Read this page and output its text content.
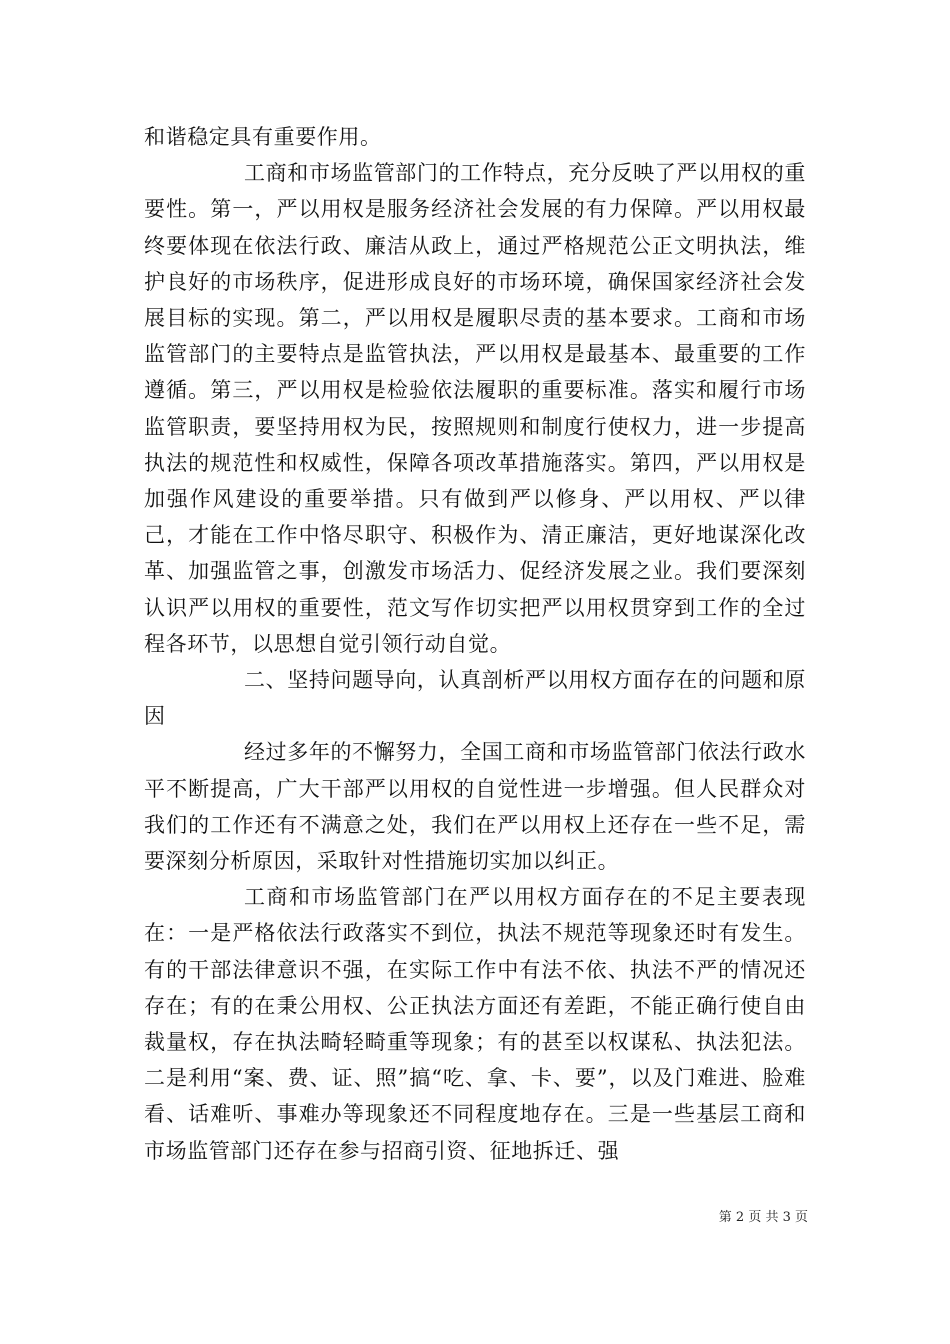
和谐稳定具有重要作用。

工商和市场监管部门的工作特点，充分反映了严以用权的重要性。第一，严以用权是服务经济社会发展的有力保障。严以用权最终要体现在依法行政、廉洁从政上，通过严格规范公正文明执法，维护良好的市场秩序，促进形成良好的市场环境，确保国家经济社会发展目标的实现。第二，严以用权是履职尽责的基本要求。工商和市场监管部门的主要特点是监管执法，严以用权是最基本、最重要的工作遵循。第三，严以用权是检验依法履职的重要标准。落实和履行市场监管职责，要坚持用权为民，按照规则和制度行使权力，进一步提高执法的规范性和权威性，保障各项改革措施落实。第四，严以用权是加强作风建设的重要举措。只有做到严以修身、严以用权、严以律己，才能在工作中恪尽职守、积极作为、清正廉洁，更好地谋深化改革、加强监管之事，创激发市场活力、促经济发展之业。我们要深刻认识严以用权的重要性，范文写作切实把严以用权贯穿到工作的全过程各环节，以思想自觉引领行动自觉。

二、坚持问题导向，认真剖析严以用权方面存在的问题和原因

经过多年的不懈努力，全国工商和市场监管部门依法行政水平不断提高，广大干部严以用权的自觉性进一步增强。但人民群众对我们的工作还有不满意之处，我们在严以用权上还存在一些不足，需要深刻分析原因，采取针对性措施切实加以纠正。

工商和市场监管部门在严以用权方面存在的不足主要表现在：一是严格依法行政落实不到位，执法不规范等现象还时有发生。有的干部法律意识不强，在实际工作中有法不依、执法不严的情况还存在；有的在秉公用权、公正执法方面还有差距，不能正确行使自由裁量权，存在执法畸轻畸重等现象；有的甚至以权谋私、执法犯法。二是利用“案、费、证、照”搞“吃、拿、卡、要”，以及门难进、脸难看、话难听、事难办等现象还不同程度地存在。三是一些基层工商和市场监管部门还存在参与招商引资、征地拆迁、强

第 2 页 共 3 页
